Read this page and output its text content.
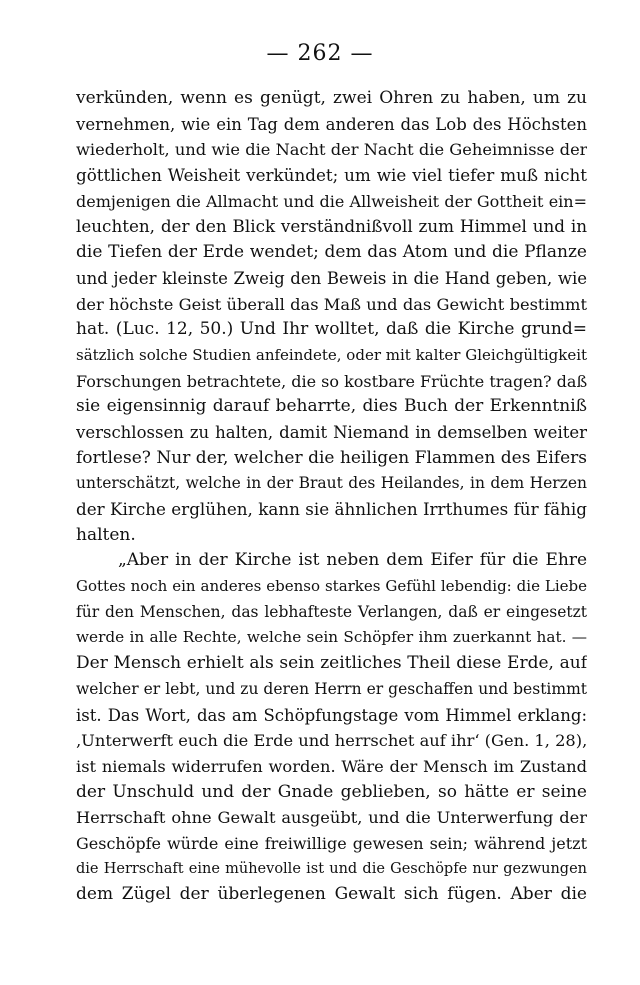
— 262 —
verkünden, wenn es genügt, zwei Ohren zu haben, um zu
vernehmen, wie ein Tag dem anderen das Lob des Höchsten
wiederholt, und wie die Nacht der Nacht die Geheimnisse der
göttlichen Weisheit verkündet; um wie viel tiefer muß nicht
demjenigen die Allmacht und die Allweisheit der Gottheit ein=
leuchten, der den Blick verständnißvoll zum Himmel und in
die Tiefen der Erde wendet; dem das Atom und die Pflanze
und jeder kleinste Zweig den Beweis in die Hand geben, wie
der höchste Geist überall das Maß und das Gewicht bestimmt
hat. (Luc. 12, 50.) Und Ihr wolltet, daß die Kirche grund=
sätzlich solche Studien anfeindete, oder mit kalter Gleichgültigkeit
Forschungen betrachtete, die so kostbare Früchte tragen? daß
sie eigensinnig darauf beharrte, dies Buch der Erkenntniß
verschlossen zu halten, damit Niemand in demselben weiter
fortlese? Nur der, welcher die heiligen Flammen des Eifers
unterschätzt, welche in der Braut des Heilandes, in dem Herzen
der Kirche erglühen, kann sie ähnlichen Irrthumes für fähig
halten.
„Aber in der Kirche ist neben dem Eifer für die Ehre
Gottes noch ein anderes ebenso starkes Gefühl lebendig: die Liebe
für den Menschen, das lebhafteste Verlangen, daß er eingesetzt
werde in alle Rechte, welche sein Schöpfer ihm zuerkannt hat. —
Der Mensch erhielt als sein zeitliches Theil diese Erde, auf
welcher er lebt, und zu deren Herrn er geschaffen und bestimmt
ist. Das Wort, das am Schöpfungstage vom Himmel erklang:
‚Unterwerft euch die Erde und herrschet auf ihr‘ (Gen. 1, 28),
ist niemals widerrufen worden. Wäre der Mensch im Zustand
der Unschuld und der Gnade geblieben, so hätte er seine
Herrschaft ohne Gewalt ausgeübt, und die Unterwerfung der
Geschöpfe würde eine freiwillige gewesen sein; während jetzt
die Herrschaft eine mühevolle ist und die Geschöpfe nur gezwungen
dem Zügel der überlegenen Gewalt sich fügen. Aber die
